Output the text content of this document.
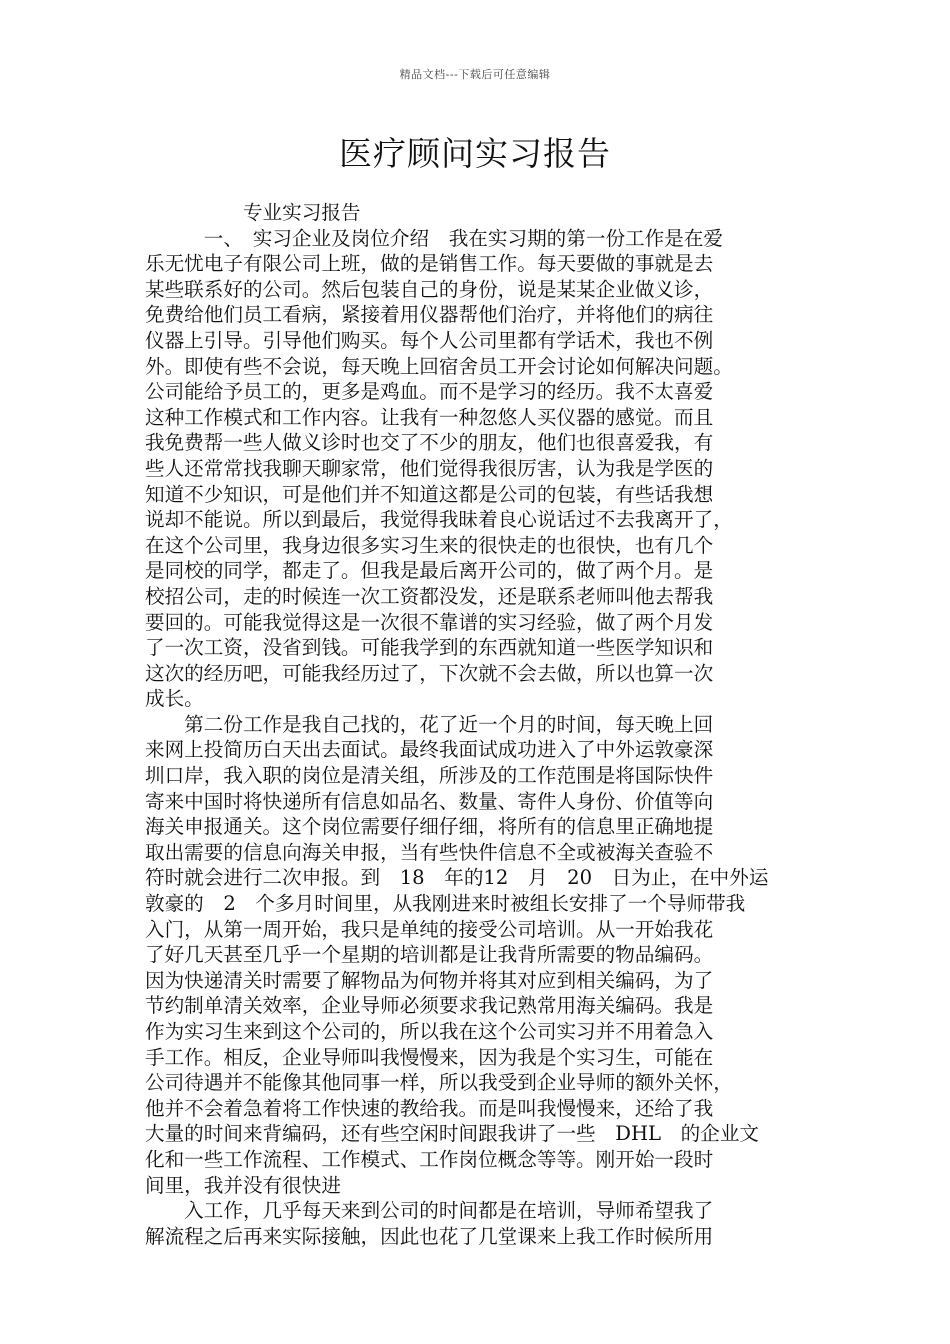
精品文档---下载后可任意编辑
医疗顾问实习报告
　　　　　专业实习报告
　　　一、　实习企业及岗位介绍　我在实习期的第一份工作是在爱
乐无忧电子有限公司上班，做的是销售工作。每天要做的事就是去
某些联系好的公司。然后包装自己的身份，说是某某企业做义诊，
免费给他们员工看病，紧接着用仪器帮他们治疗，并将他们的病往
仪器上引导。引导他们购买。每个人公司里都有学话术，我也不例
外。即使有些不会说，每天晚上回宿舍员工开会讨论如何解决问题。
公司能给予员工的，更多是鸡血。而不是学习的经历。我不太喜爱
这种工作模式和工作内容。让我有一种忽悠人买仪器的感觉。而且
我免费帮一些人做义诊时也交了不少的朋友，他们也很喜爱我，有
些人还常常找我聊天聊家常，他们觉得我很厉害，认为我是学医的
知道不少知识，可是他们并不知道这都是公司的包装，有些话我想
说却不能说。所以到最后，我觉得我昧着良心说话过不去我离开了，
在这个公司里，我身边很多实习生来的很快走的也很快，也有几个
是同校的同学，都走了。但我是最后离开公司的，做了两个月。是
校招公司，走的时候连一次工资都没发，还是联系老师叫他去帮我
要回的。可能我觉得这是一次很不靠谱的实习经验，做了两个月发
了一次工资，没省到钱。可能我学到的东西就知道一些医学知识和
这次的经历吧，可能我经历过了，下次就不会去做，所以也算一次
成长。
　　第二份工作是我自己找的，花了近一个月的时间，每天晚上回
来网上投简历白天出去面试。最终我面试成功进入了中外运敦豪深
圳口岸，我入职的岗位是清关组，所涉及的工作范围是将国际快件
寄来中国时将快递所有信息如品名、数量、寄件人身份、价值等向
海关申报通关。这个岗位需要仔细仔细，将所有的信息里正确地提
取出需要的信息向海关申报，当有些快件信息不全或被海关查验不
符时就会进行二次申报。到　18　年的12　月　20　日为止，在中外运
敦豪的　2　个多月时间里，从我刚进来时被组长安排了一个导师带我
入门，从第一周开始，我只是单纯的接受公司培训。从一开始我花
了好几天甚至几乎一个星期的培训都是让我背所需要的物品编码。
因为快递清关时需要了解物品为何物并将其对应到相关编码，为了
节约制单清关效率，企业导师必须要求我记熟常用海关编码。我是
作为实习生来到这个公司的，所以我在这个公司实习并不用着急入
手工作。相反，企业导师叫我慢慢来，因为我是个实习生，可能在
公司待遇并不能像其他同事一样，所以我受到企业导师的额外关怀，
他并不会着急着将工作快速的教给我。而是叫我慢慢来，还给了我
大量的时间来背编码，还有些空闲时间跟我讲了一些　DHL　的企业文
化和一些工作流程、工作模式、工作岗位概念等等。刚开始一段时
间里，我并没有很快进
　　入工作，几乎每天来到公司的时间都是在培训，导师希望我了
解流程之后再来实际接触，因此也花了几堂课来上我工作时候所用
